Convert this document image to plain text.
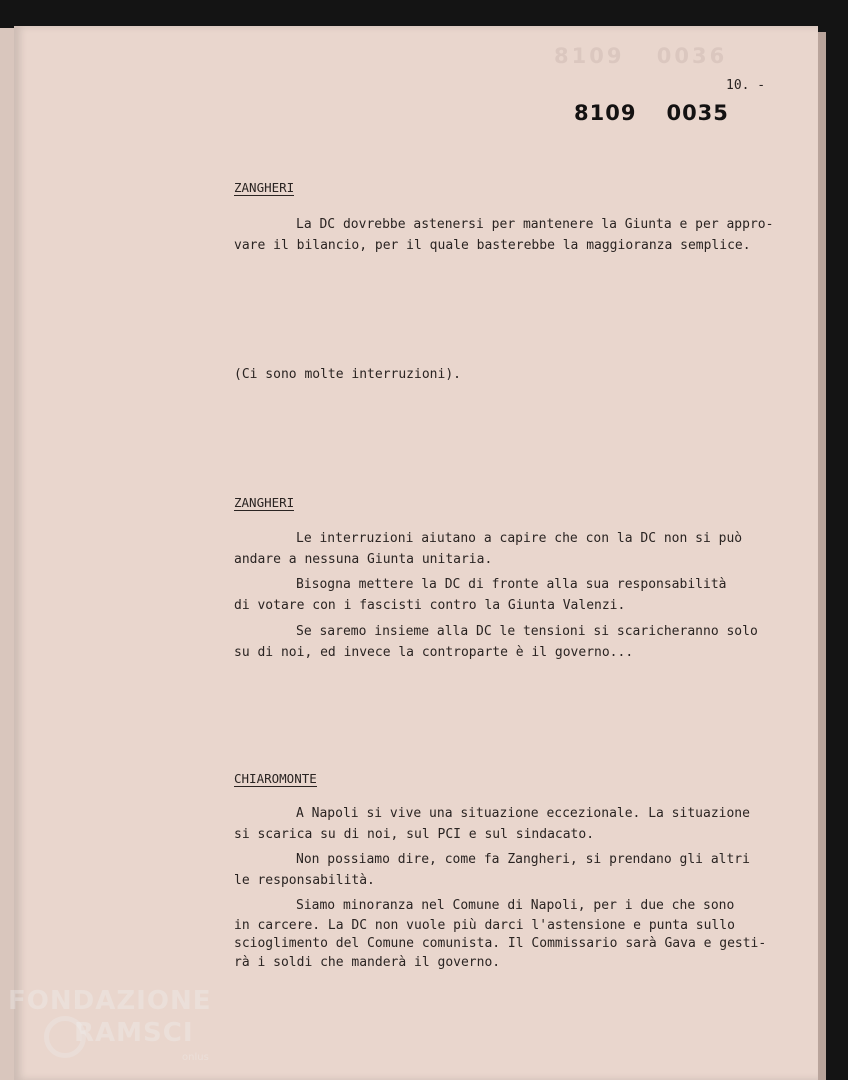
8109 0036
10. -
8109 0035
ZANGHERI
La DC dovrebbe astenersi per mantenere la Giunta e per appro-
vare il bilancio, per il quale basterebbe la maggioranza semplice.
(Ci sono molte interruzioni).
ZANGHERI
Le interruzioni aiutano a capire che con la DC non si può
andare a nessuna Giunta unitaria.
Bisogna mettere la DC di fronte alla sua responsabilità
di votare con i fascisti contro la Giunta Valenzi.
Se saremo insieme alla DC le tensioni si scaricheranno solo
su di noi, ed invece la controparte è il governo...
CHIAROMONTE
A Napoli si vive una situazione eccezionale. La situazione
si scarica su di noi, sul PCI e sul sindacato.
Non possiamo dire, come fa Zangheri, si prendano gli altri
le responsabilità.
Siamo minoranza nel Comune di Napoli, per i due che sono
in carcere. La DC non vuole più darci l'astensione e punta sullo
scioglimento del Comune comunista. Il Commissario sarà Gava e gesti-
rà i soldi che manderà il governo.
FONDAZIONE
RAMSCI
onlus
